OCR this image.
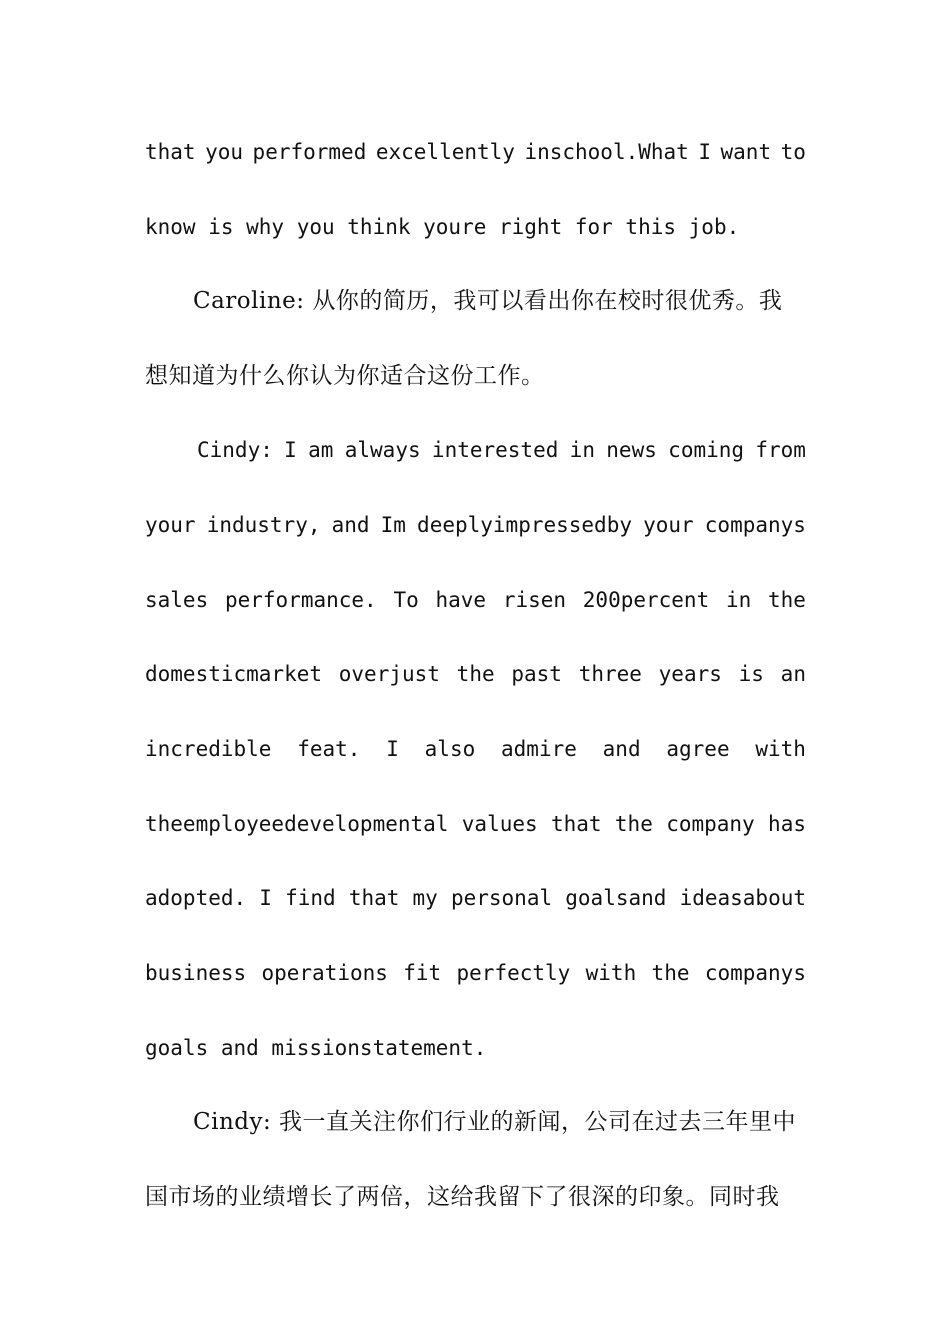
that you performed excellently inschool.What I want to
know is why you think youre right for this job.
Caroline: 从你的简历，我可以看出你在校时很优秀。我
想知道为什么你认为你适合这份工作。
Cindy: I am always interested in news coming from
your industry, and Im deeplyimpressedby your companys
sales performance. To have risen 200percent in the
domesticmarket overjust the past three years is an
incredible feat. I also admire and agree with
theemployeedevelopmental values that the company has
adopted. I find that my personal goalsand ideasabout
business operations fit perfectly with the companys
goals and missionstatement.
Cindy: 我一直关注你们行业的新闻，公司在过去三年里中
国市场的业绩增长了两倍，这给我留下了很深的印象。同时我
